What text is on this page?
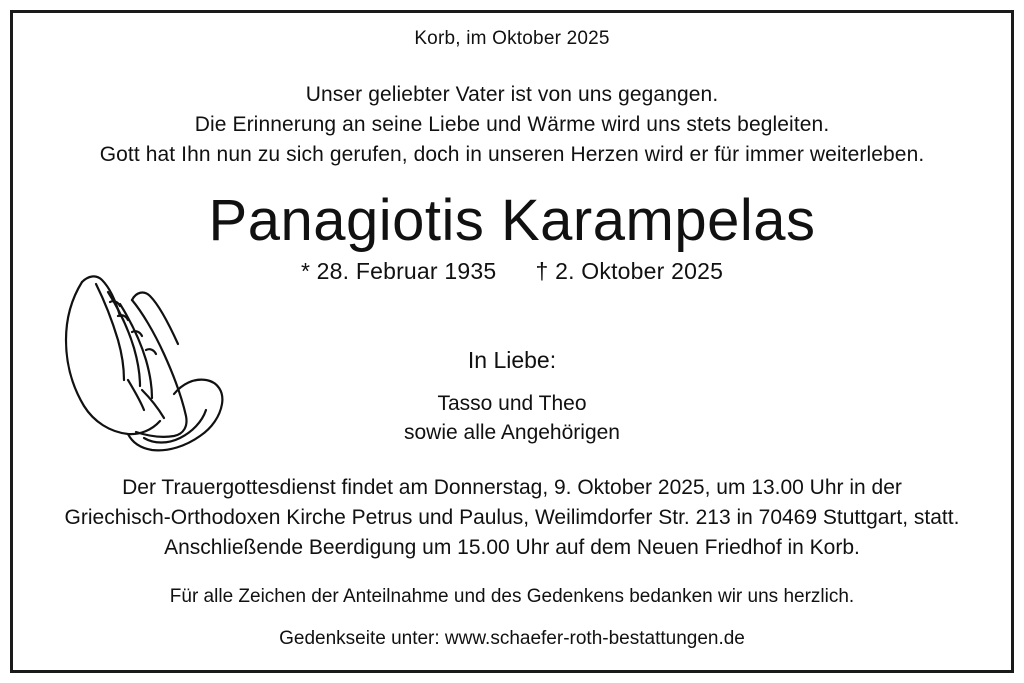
Korb, im Oktober 2025
Unser geliebter Vater ist von uns gegangen.
Die Erinnerung an seine Liebe und Wärme wird uns stets begleiten.
Gott hat Ihn nun zu sich gerufen, doch in unseren Herzen wird er für immer weiterleben.
Panagiotis Karampelas
* 28. Februar 1935 † 2. Oktober 2025
In Liebe:
Tasso und Theo
sowie alle Angehörigen
Der Trauergottesdienst findet am Donnerstag, 9. Oktober 2025, um 13.00 Uhr in der
Griechisch-Orthodoxen Kirche Petrus und Paulus, Weilimdorfer Str. 213 in 70469 Stuttgart, statt.
Anschließende Beerdigung um 15.00 Uhr auf dem Neuen Friedhof in Korb.
Für alle Zeichen der Anteilnahme und des Gedenkens bedanken wir uns herzlich.
Gedenkseite unter: www.schaefer-roth-bestattungen.de
